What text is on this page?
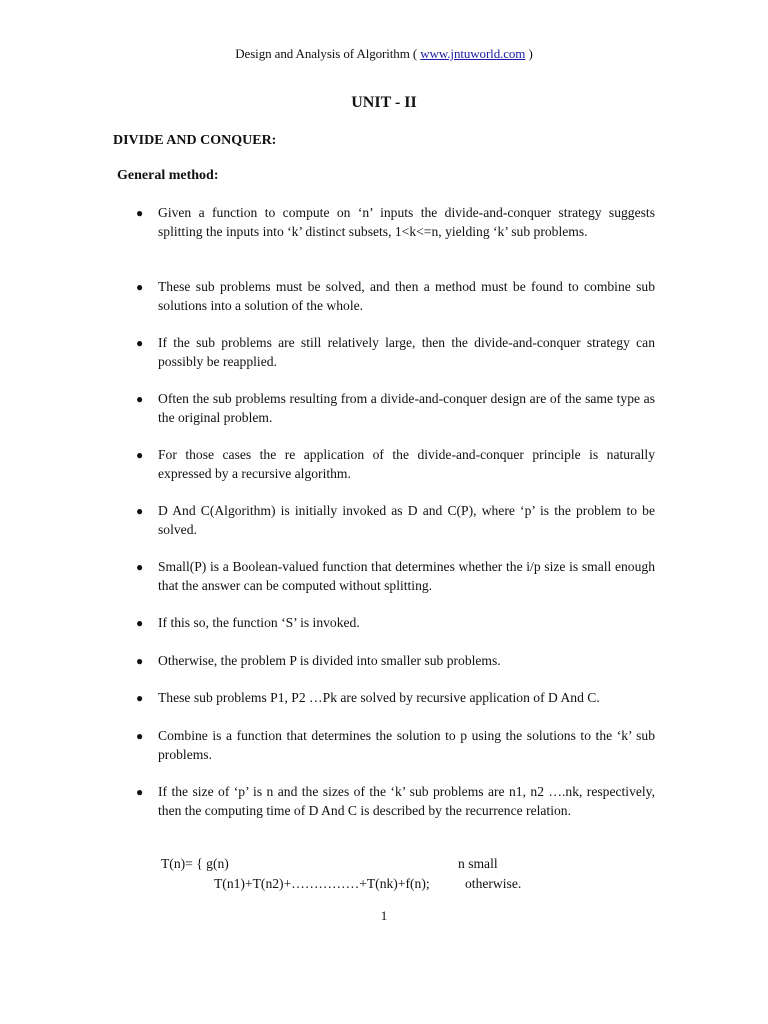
Design and Analysis of Algorithm ( www.jntuworld.com )
UNIT - II
DIVIDE AND CONQUER:
General method:
● Given a function to compute on ‘n’ inputs the divide-and-conquer strategy suggests splitting the inputs into ‘k’ distinct subsets, 1<k<=n, yielding ‘k’ sub problems.
● These sub problems must be solved, and then a method must be found to combine sub solutions into a solution of the whole.
● If the sub problems are still relatively large, then the divide-and-conquer strategy can possibly be reapplied.
● Often the sub problems resulting from a divide-and-conquer design are of the same type as the original problem.
● For those cases the re application of the divide-and-conquer principle is naturally expressed by a recursive algorithm.
● D And C(Algorithm) is initially invoked as D and C(P), where ‘p’ is the problem to be solved.
● Small(P) is a Boolean-valued function that determines whether the i/p size is small enough that the answer can be computed without splitting.
● If this so, the function ‘S’ is invoked.
● Otherwise, the problem P is divided into smaller sub problems.
● These sub problems P1, P2 …Pk are solved by recursive application of D And C.
● Combine is a function that determines the solution to p using the solutions to the ‘k’ sub problems.
● If the size of ‘p’ is n and the sizes of the ‘k’ sub problems are n1, n2 ….nk, respectively, then the computing time of D And C is described by the recurrence relation.
T(n)= { g(n)	n small
T(n1)+T(n2)+……………+T(nk)+f(n);	otherwise.
1
